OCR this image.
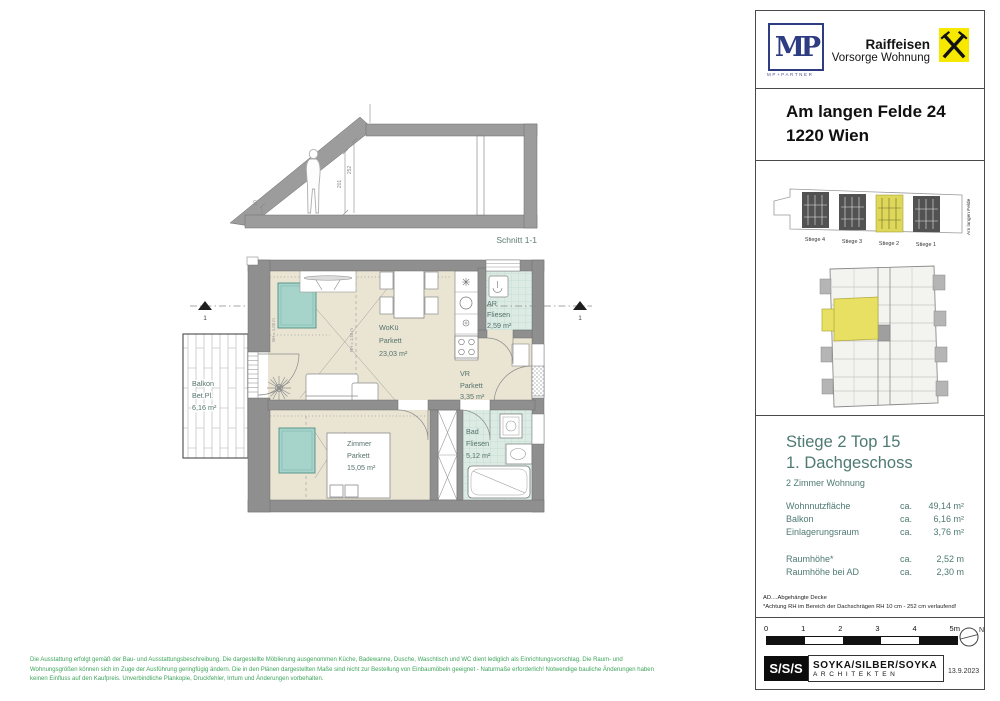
201
252
10
Schnitt 1-1
RH = 1,50 m
BH = 1,00 m
1	1
Balkon
Bet.Pl.
6,16 m²
WoKü
Parkett
23,03 m²
AR
Fliesen
2,59 m²
VR
Parkett
3,35 m²
Zimmer
Parkett
15,05 m²
Bad
Fliesen
5,12 m²
Die Ausstattung erfolgt gemäß der Bau- und Ausstattungsbeschreibung. Die dargestellte Möblierung ausgenommen Küche, Badewanne, Dusche, Waschtisch und WC dient lediglich als Einrichtungsvorschlag. Die Raum- und
Wohnungsgrößen können sich im Zuge der Ausführung geringfügig ändern. Die in den Plänen dargestellten Maße sind nicht zur Bestellung von Einbaumöbeln geeignet - Naturmaße erforderlich! Notwendige bauliche Änderungen haben
keinen Einfluss auf den Kaufpreis. Unverbindliche Plankopie, Druckfehler, Irrtum und Änderungen vorbehalten.
MP
MP+PARTNER
Raiffeisen
Vorsorge Wohnung
Am langen Felde 24
1220 Wien
Stiege 4	Stiege 3	Stiege 2	Stiege 1
Am langen Felde
Stiege 2 Top 15
1. Dachgeschoss
2 Zimmer Wohnung
Wohnnutzfläche	ca.	49,14 m²
Balkon	ca.	6,16 m²
Einlagerungsraum	ca.	3,76 m²
Raumhöhe*	ca.	2,52 m
Raumhöhe bei AD	ca.	2,30 m
AD....Abgehängte Decke
*Achtung RH im Bereich der Dachschrägen RH 10 cm - 252 cm verlaufend!
0	1	2	3	4	5m	N
S/S/S	SOYKA/SILBER/SOYKA
ARCHITEKTEN	13.9.2023
